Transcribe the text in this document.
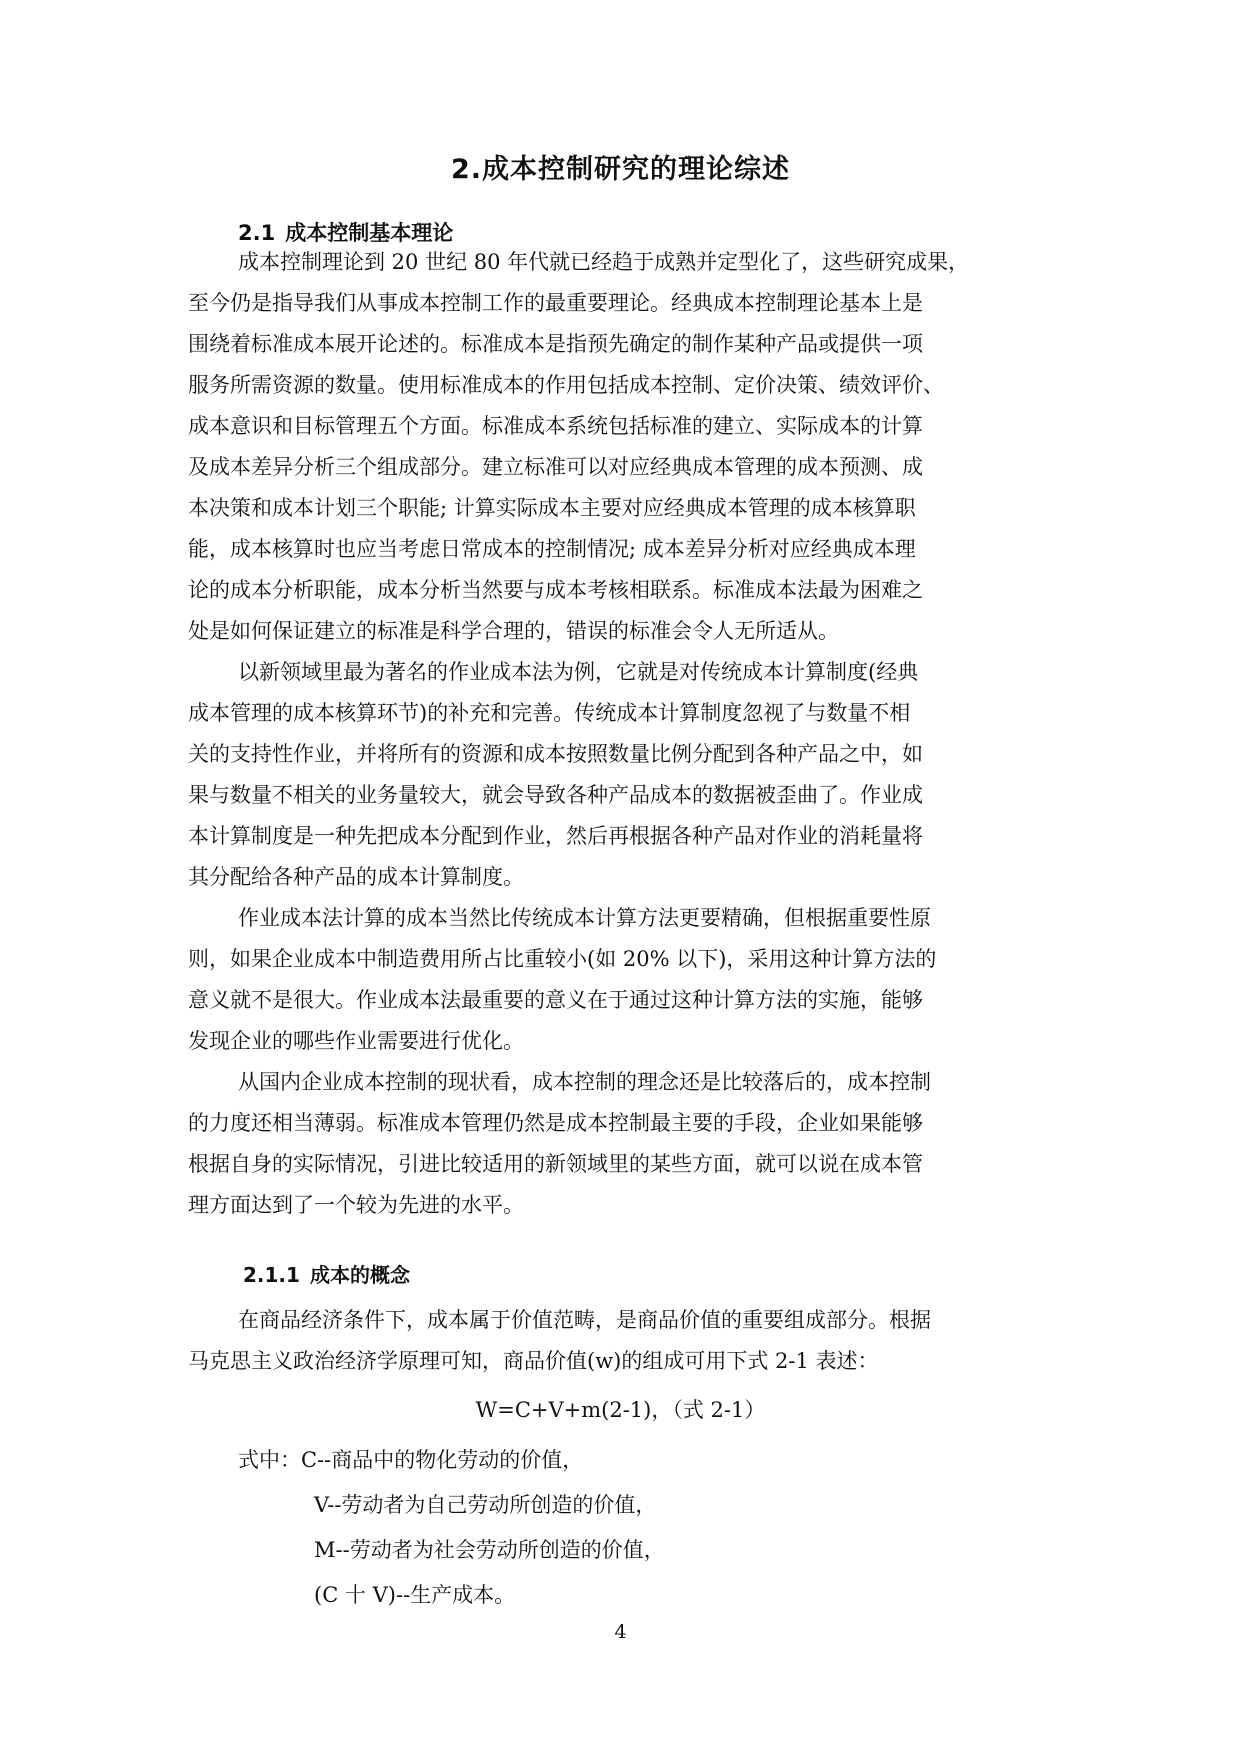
2.成本控制研究的理论综述
2.1 成本控制基本理论
成本控制理论到 20 世纪 80 年代就已经趋于成熟并定型化了，这些研究成果，
至今仍是指导我们从事成本控制工作的最重要理论。经典成本控制理论基本上是
围绕着标准成本展开论述的。标准成本是指预先确定的制作某种产品或提供一项
服务所需资源的数量。使用标准成本的作用包括成本控制、定价决策、绩效评价、
成本意识和目标管理五个方面。标准成本系统包括标准的建立、实际成本的计算
及成本差异分析三个组成部分。建立标准可以对应经典成本管理的成本预测、成
本决策和成本计划三个职能; 计算实际成本主要对应经典成本管理的成本核算职
能，成本核算时也应当考虑日常成本的控制情况; 成本差异分析对应经典成本理
论的成本分析职能，成本分析当然要与成本考核相联系。标准成本法最为困难之
处是如何保证建立的标准是科学合理的，错误的标准会令人无所适从。
以新领域里最为著名的作业成本法为例，它就是对传统成本计算制度(经典
成本管理的成本核算环节)的补充和完善。传统成本计算制度忽视了与数量不相
关的支持性作业，并将所有的资源和成本按照数量比例分配到各种产品之中，如
果与数量不相关的业务量较大，就会导致各种产品成本的数据被歪曲了。作业成
本计算制度是一种先把成本分配到作业，然后再根据各种产品对作业的消耗量将
其分配给各种产品的成本计算制度。
作业成本法计算的成本当然比传统成本计算方法更要精确，但根据重要性原
则，如果企业成本中制造费用所占比重较小(如 20% 以下)，采用这种计算方法的
意义就不是很大。作业成本法最重要的意义在于通过这种计算方法的实施，能够
发现企业的哪些作业需要进行优化。
从国内企业成本控制的现状看，成本控制的理念还是比较落后的，成本控制
的力度还相当薄弱。标准成本管理仍然是成本控制最主要的手段，企业如果能够
根据自身的实际情况，引进比较适用的新领域里的某些方面，就可以说在成本管
理方面达到了一个较为先进的水平。
2.1.1 成本的概念
在商品经济条件下，成本属于价值范畴，是商品价值的重要组成部分。根据
马克思主义政治经济学原理可知，商品价值(w)的组成可用下式 2-1 表述：
W=C+V+m(2-1)，（式 2-1）
式中：C--商品中的物化劳动的价值，
V--劳动者为自己劳动所创造的价值，
M--劳动者为社会劳动所创造的价值，
(C 十 V)--生产成本。
4
